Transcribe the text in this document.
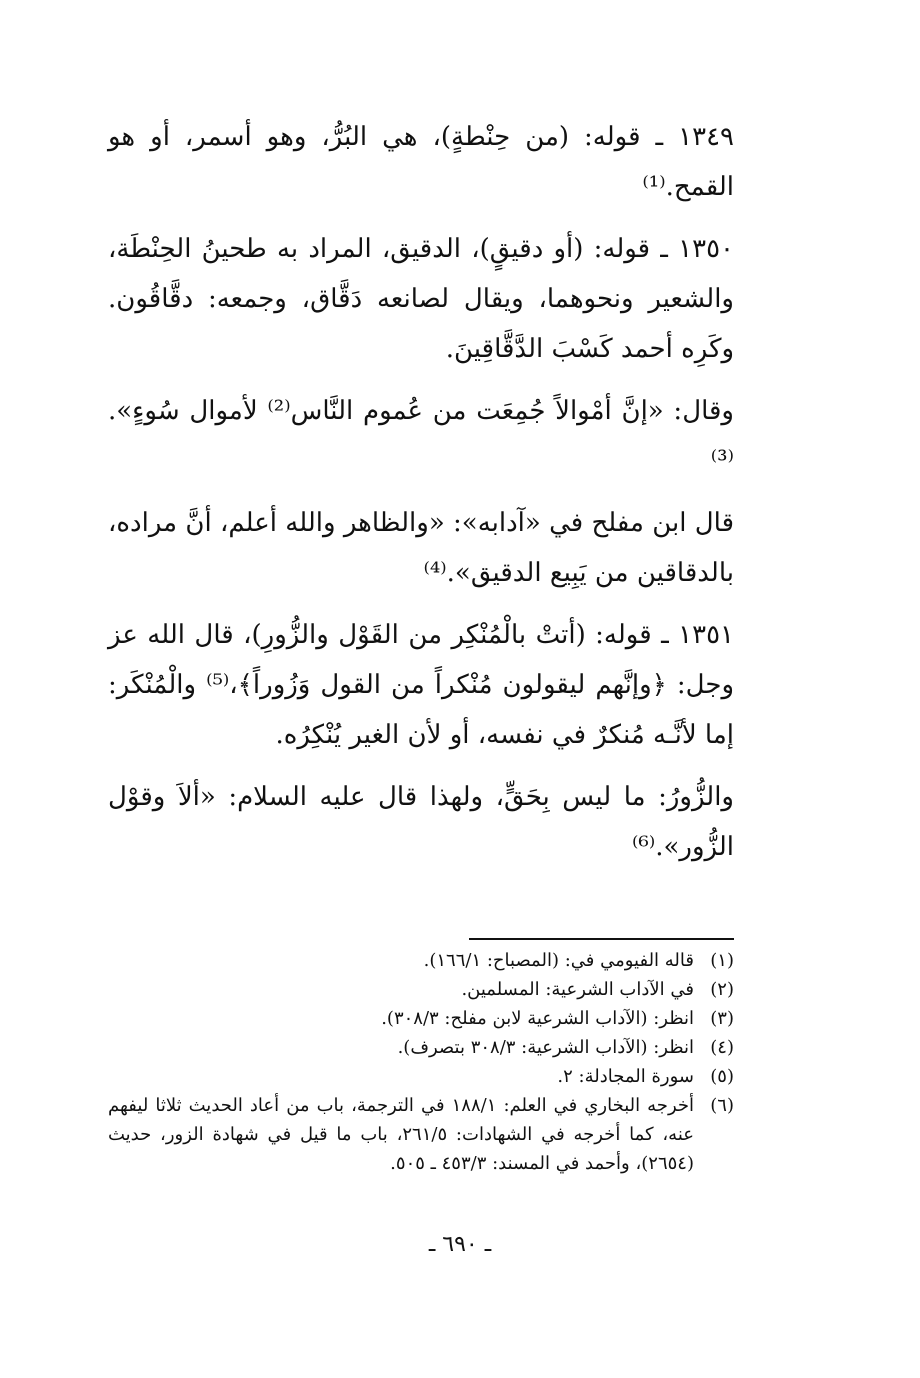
١٣٤٩ ـ قوله: (من حِنْطةٍ)، هي البُرُّ، وهو أسمر، أو هو القمح.⁽¹⁾

١٣٥٠ ـ قوله: (أو دقيقٍ)، الدقيق، المراد به طحينُ الحِنْطَة، والشعير ونحوهما، ويقال لصانعه دَقَّاق، وجمعه: دقَّاقُون. وكَرِه أحمد كَسْبَ الدَّقَّاقِينَ.

وقال: «إنَّ أمْوالاً جُمِعَت من عُموم النَّاس⁽²⁾ لأموال سُوءٍ».⁽³⁾

قال ابن مفلح في «آدابه»: «والظاهر والله أعلم، أنَّ مراده، بالدقاقين من يَبِيع الدقيق».⁽⁴⁾

١٣٥١ ـ قوله: (أتتْ بالْمُنْكِر من القَوْل والزُّورِ)، قال الله عز وجل: ﴿وإنَّهم ليقولون مُنْكراً من القول وَزُوراً﴾،⁽⁵⁾ والْمُنْكَر: إما لأنَّـه مُنكرٌ في نفسه، أو لأن الغير يُنْكِرُه.

والزُّورُ: ما ليس بِحَقٍّ، ولهذا قال عليه السلام: «ألاَ وقوْل الزُّور».⁽⁶⁾

(١)
قاله الفيومي في: (المصباح: ١٦٦/١).
(٢)
في الآداب الشرعية: المسلمين.
(٣)
انظر: (الآداب الشرعية لابن مفلح: ٣٠٨/٣).
(٤)
انظر: (الآداب الشرعية: ٣٠٨/٣ بتصرف).
(٥)
سورة المجادلة: ٢.
(٦)
أخرجه البخاري في العلم: ١٨٨/١ في الترجمة، باب من أعاد الحديث ثلاثا ليفهم عنه، كما أخرجه في الشهادات: ٢٦١/٥، باب ما قيل في شهادة الزور، حديث (٢٦٥٤)، وأحمد في المسند: ٤٥٣/٣ ـ ٥٠٥.
ـ ٦٩٠ ـ
